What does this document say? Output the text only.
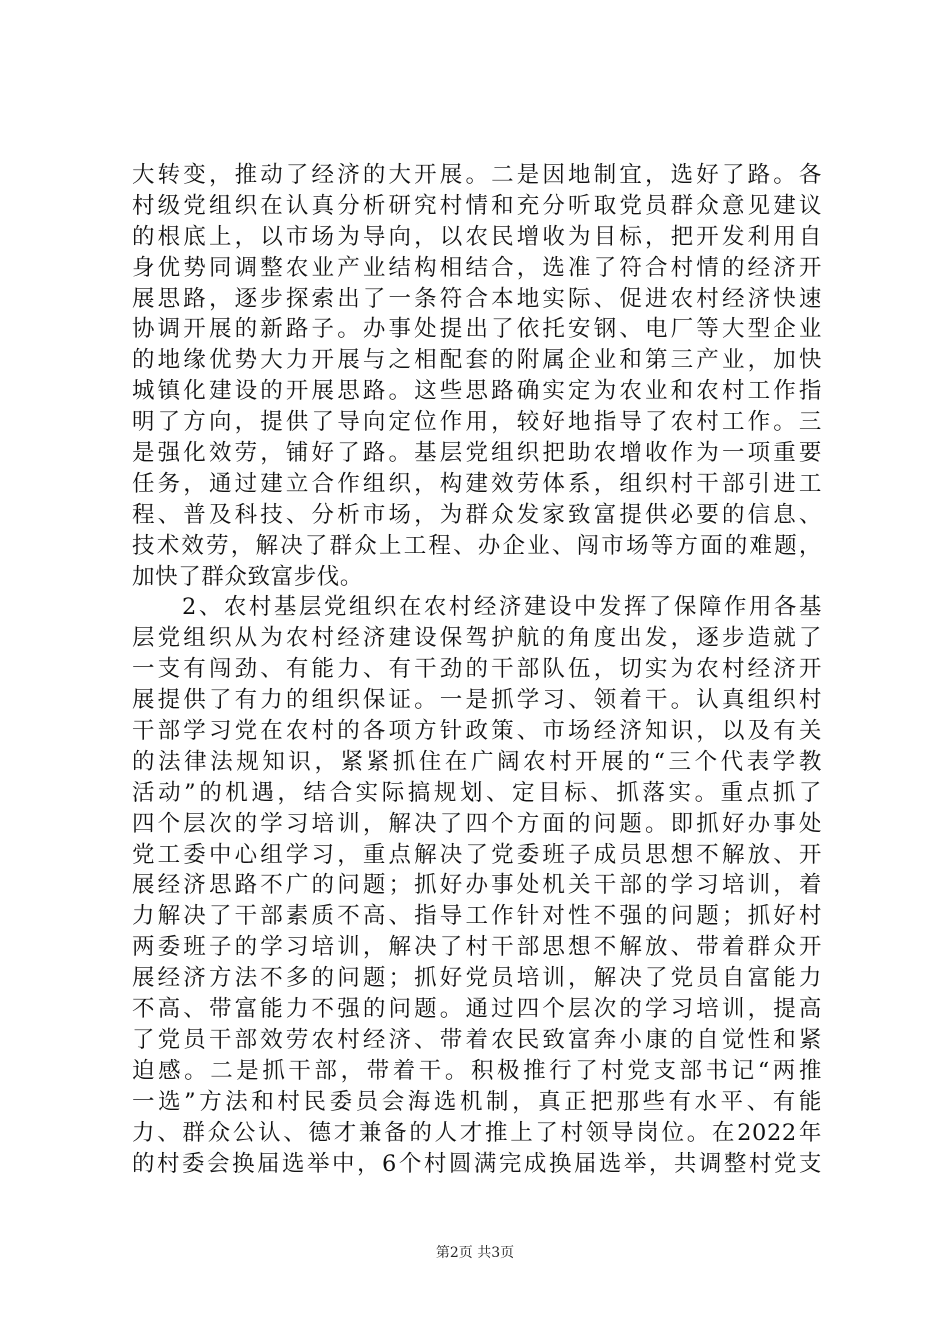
大转变，推动了经济的大开展。二是因地制宜，选好了路。各
村级党组织在认真分析研究村情和充分听取党员群众意见建议
的根底上，以市场为导向，以农民增收为目标，把开发利用自
身优势同调整农业产业结构相结合，选准了符合村情的经济开
展思路，逐步探索出了一条符合本地实际、促进农村经济快速
协调开展的新路子。办事处提出了依托安钢、电厂等大型企业
的地缘优势大力开展与之相配套的附属企业和第三产业，加快
城镇化建设的开展思路。这些思路确实定为农业和农村工作指
明了方向，提供了导向定位作用，较好地指导了农村工作。三
是强化效劳，铺好了路。基层党组织把助农增收作为一项重要
任务，通过建立合作组织，构建效劳体系，组织村干部引进工
程、普及科技、分析市场，为群众发家致富提供必要的信息、
技术效劳，解决了群众上工程、办企业、闯市场等方面的难题，
加快了群众致富步伐。
　　2、农村基层党组织在农村经济建设中发挥了保障作用各基
层党组织从为农村经济建设保驾护航的角度出发，逐步造就了
一支有闯劲、有能力、有干劲的干部队伍，切实为农村经济开
展提供了有力的组织保证。一是抓学习、领着干。认真组织村
干部学习党在农村的各项方针政策、市场经济知识，以及有关
的法律法规知识，紧紧抓住在广阔农村开展的“三个代表学教
活动”的机遇，结合实际搞规划、定目标、抓落实。重点抓了
四个层次的学习培训，解决了四个方面的问题。即抓好办事处
党工委中心组学习，重点解决了党委班子成员思想不解放、开
展经济思路不广的问题；抓好办事处机关干部的学习培训，着
力解决了干部素质不高、指导工作针对性不强的问题；抓好村
两委班子的学习培训，解决了村干部思想不解放、带着群众开
展经济方法不多的问题；抓好党员培训，解决了党员自富能力
不高、带富能力不强的问题。通过四个层次的学习培训，提高
了党员干部效劳农村经济、带着农民致富奔小康的自觉性和紧
迫感。二是抓干部，带着干。积极推行了村党支部书记“两推
一选”方法和村民委员会海选机制，真正把那些有水平、有能
力、群众公认、德才兼备的人才推上了村领导岗位。在2022年
的村委会换届选举中，6个村圆满完成换届选举，共调整村党支
第2页 共3页
